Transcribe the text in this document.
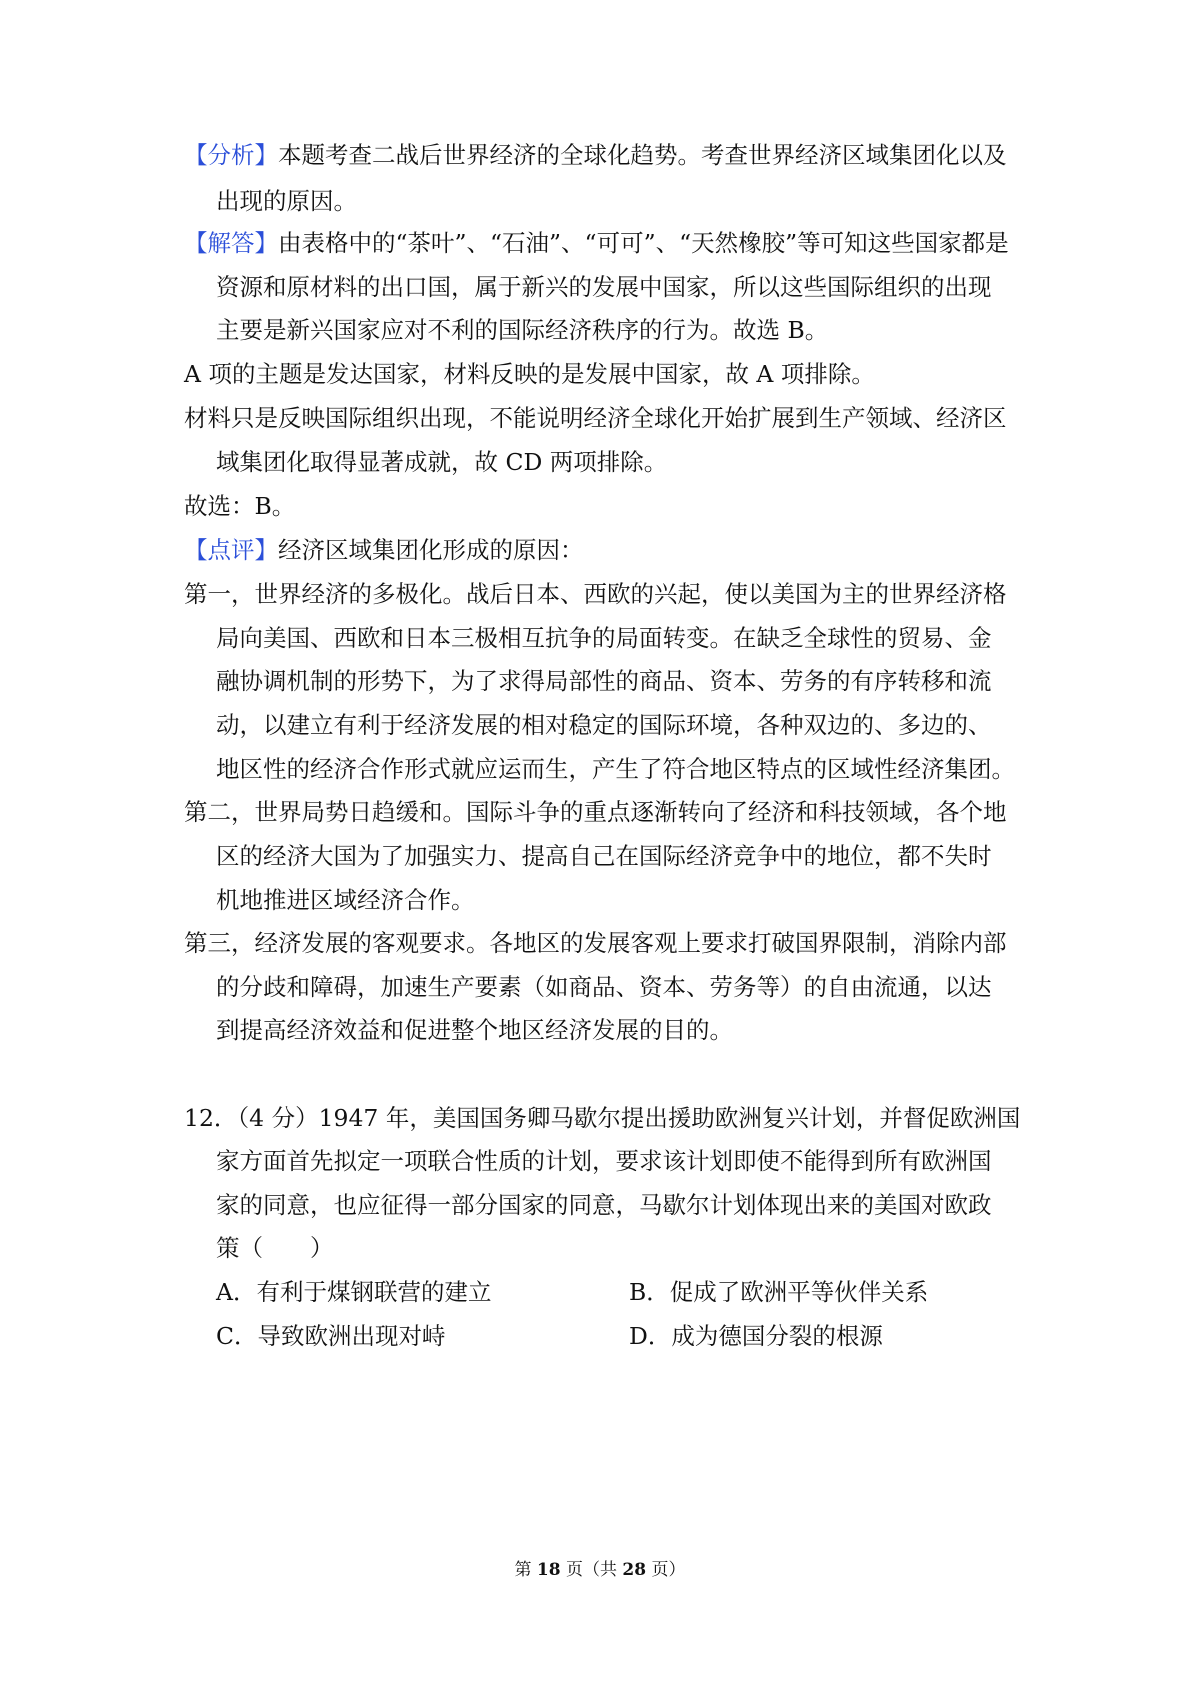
【分析】本题考查二战后世界经济的全球化趋势。考查世界经济区域集团化以及
出现的原因。
【解答】由表格中的“茶叶”、“石油”、“可可”、“天然橡胶”等可知这些国家都是
资源和原材料的出口国，属于新兴的发展中国家，所以这些国际组织的出现
主要是新兴国家应对不利的国际经济秩序的行为。故选 B。
A 项的主题是发达国家，材料反映的是发展中国家，故 A 项排除。
材料只是反映国际组织出现，不能说明经济全球化开始扩展到生产领域、经济区
域集团化取得显著成就，故 CD 两项排除。
故选：B。
【点评】经济区域集团化形成的原因：
第一，世界经济的多极化。战后日本、西欧的兴起，使以美国为主的世界经济格
局向美国、西欧和日本三极相互抗争的局面转变。在缺乏全球性的贸易、金
融协调机制的形势下，为了求得局部性的商品、资本、劳务的有序转移和流
动，以建立有利于经济发展的相对稳定的国际环境，各种双边的、多边的、
地区性的经济合作形式就应运而生，产生了符合地区特点的区域性经济集团。
第二，世界局势日趋缓和。国际斗争的重点逐渐转向了经济和科技领域，各个地
区的经济大国为了加强实力、提高自己在国际经济竞争中的地位，都不失时
机地推进区域经济合作。
第三，经济发展的客观要求。各地区的发展客观上要求打破国界限制，消除内部
的分歧和障碍，加速生产要素（如商品、资本、劳务等）的自由流通，以达
到提高经济效益和促进整个地区经济发展的目的。
12．（4 分）1947 年，美国国务卿马歇尔提出援助欧洲复兴计划，并督促欧洲国
家方面首先拟定一项联合性质的计划，要求该计划即使不能得到所有欧洲国
家的同意，也应征得一部分国家的同意，马歇尔计划体现出来的美国对欧政
策（　　）
A．有利于煤钢联营的建立	B．促成了欧洲平等伙伴关系
C．导致欧洲出现对峙	D．成为德国分裂的根源
第 18 页（共 28 页）
